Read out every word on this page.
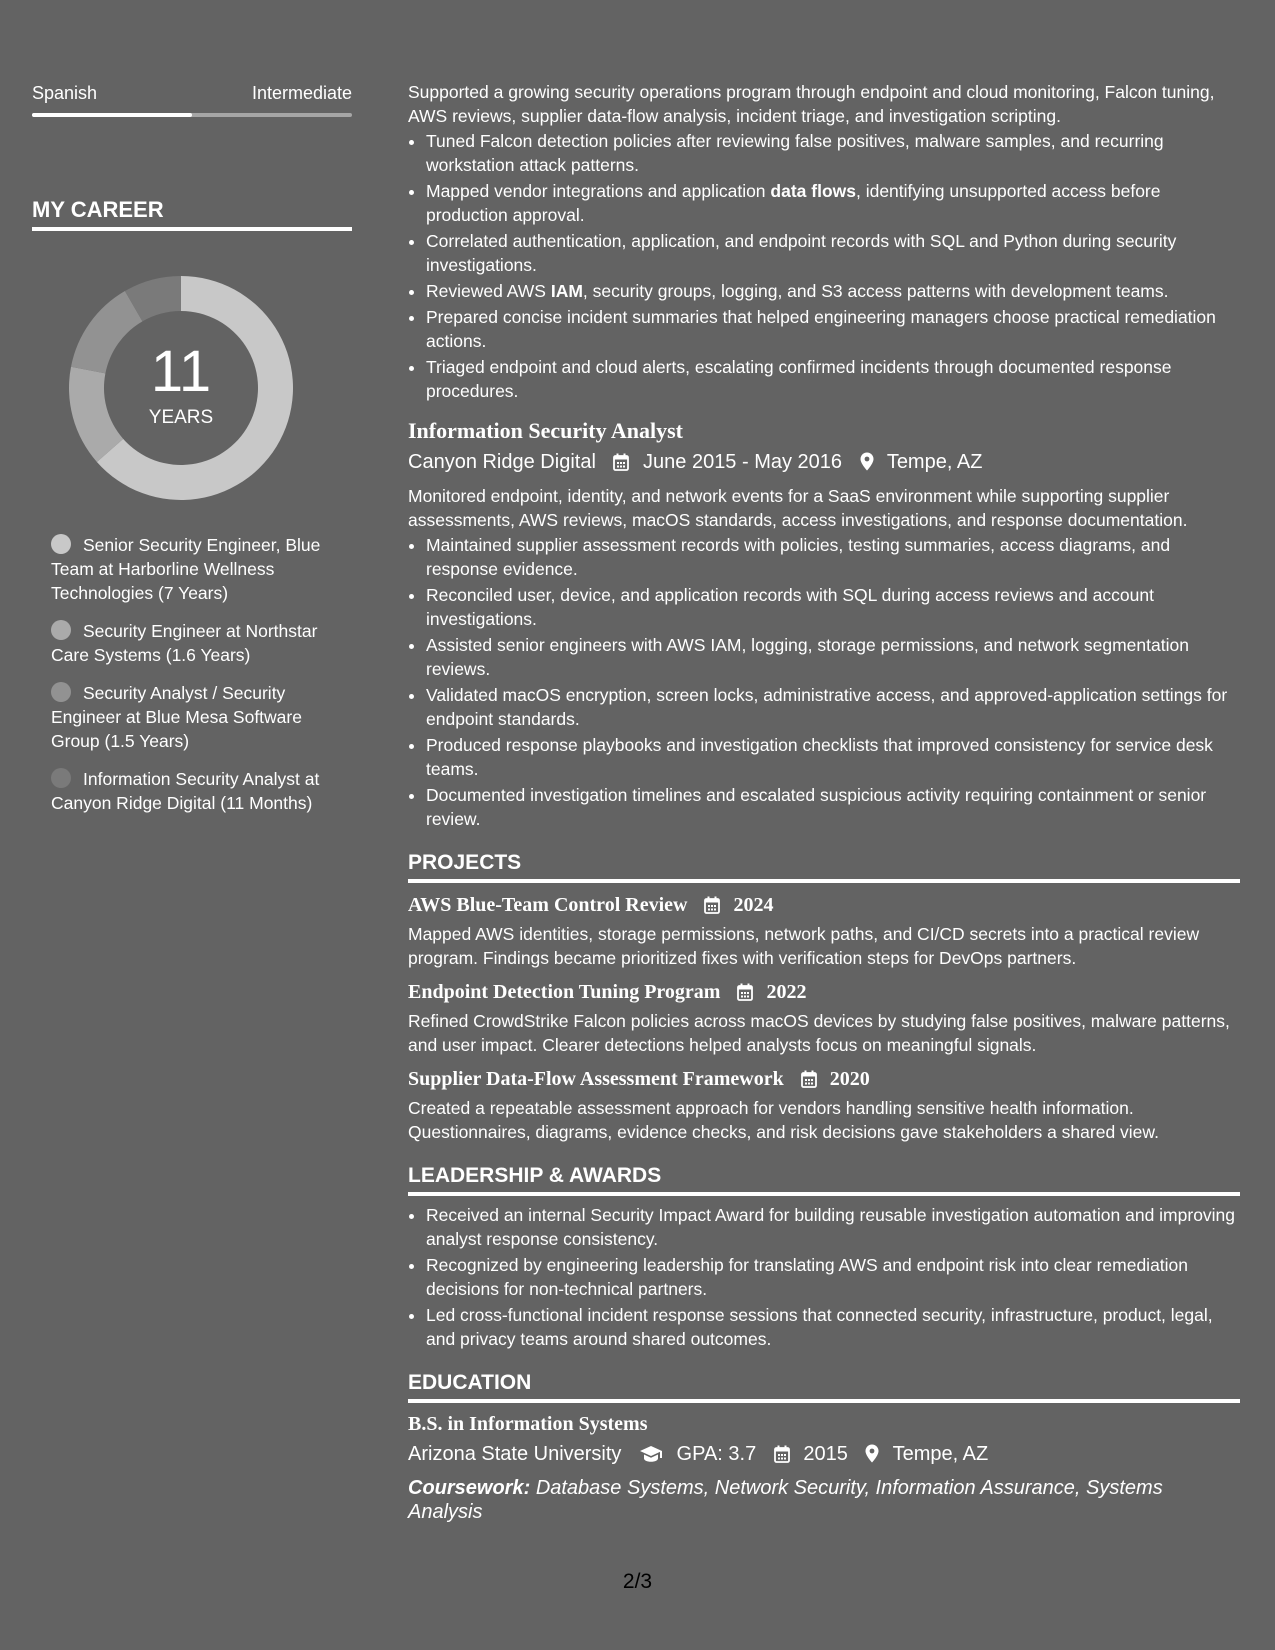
Spanish	Intermediate
MY CAREER
11
YEARS
Senior Security Engineer, Blue Team at Harborline Wellness Technologies (7 Years)
Security Engineer at Northstar Care Systems (1.6 Years)
Security Analyst / Security Engineer at Blue Mesa Software Group (1.5 Years)
Information Security Analyst at Canyon Ridge Digital (11 Months)

Supported a growing security operations program through endpoint and cloud monitoring, Falcon tuning, AWS reviews, supplier data-flow analysis, incident triage, and investigation scripting.

• Tuned Falcon detection policies after reviewing false positives, malware samples, and recurring workstation attack patterns.
• Mapped vendor integrations and application data flows, identifying unsupported access before production approval.
• Correlated authentication, application, and endpoint records with SQL and Python during security investigations.
• Reviewed AWS IAM, security groups, logging, and S3 access patterns with development teams.
• Prepared concise incident summaries that helped engineering managers choose practical remediation actions.
• Triaged endpoint and cloud alerts, escalating confirmed incidents through documented response procedures.
Information Security Analyst
Canyon Ridge Digital June 2015 - May 2016 Tempe, AZ

Monitored endpoint, identity, and network events for a SaaS environment while supporting supplier assessments, AWS reviews, macOS standards, access investigations, and response documentation.

• Maintained supplier assessment records with policies, testing summaries, access diagrams, and response evidence.
• Reconciled user, device, and application records with SQL during access reviews and account investigations.
• Assisted senior engineers with AWS IAM, logging, storage permissions, and network segmentation reviews.
• Validated macOS encryption, screen locks, administrative access, and approved-application settings for endpoint standards.
• Produced response playbooks and investigation checklists that improved consistency for service desk teams.
• Documented investigation timelines and escalated suspicious activity requiring containment or senior review.
PROJECTS
AWS Blue-Team Control Review 2024

Mapped AWS identities, storage permissions, network paths, and CI/CD secrets into a practical review program. Findings became prioritized fixes with verification steps for DevOps partners.

Endpoint Detection Tuning Program 2022

Refined CrowdStrike Falcon policies across macOS devices by studying false positives, malware patterns, and user impact. Clearer detections helped analysts focus on meaningful signals.

Supplier Data-Flow Assessment Framework 2020

Created a repeatable assessment approach for vendors handling sensitive health information. Questionnaires, diagrams, evidence checks, and risk decisions gave stakeholders a shared view.

LEADERSHIP & AWARDS
• Received an internal Security Impact Award for building reusable investigation automation and improving analyst response consistency.
• Recognized by engineering leadership for translating AWS and endpoint risk into clear remediation decisions for non-technical partners.
• Led cross-functional incident response sessions that connected security, infrastructure, product, legal, and privacy teams around shared outcomes.
EDUCATION
B.S. in Information Systems
Arizona State University	GPA: 3.7 2015 Tempe, AZ
Coursework: Database Systems, Network Security, Information Assurance, Systems Analysis
2/3
